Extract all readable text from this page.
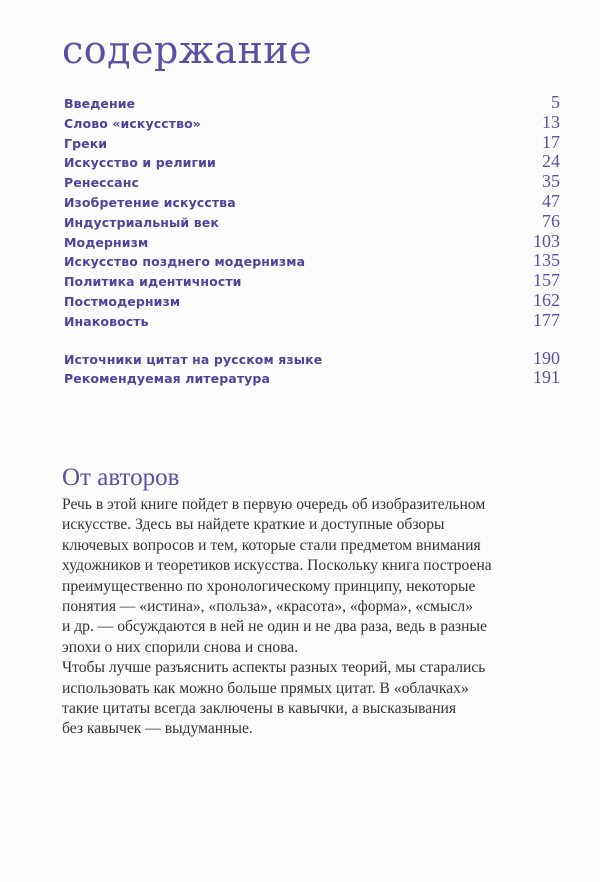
содержание
Введение	5
Слово «искусство»	13
Греки	17
Искусство и религии	24
Ренессанс	35
Изобретение искусства	47
Индустриальный век	76
Модернизм	103
Искусство позднего модернизма	135
Политика идентичности	157
Постмодернизм	162
Инаковость	177
Источники цитат на русском языке	190
Рекомендуемая литература	191
От авторов

Речь в этой книге пойдет в первую очередь об изобразительном
искусстве. Здесь вы найдете краткие и доступные обзоры
ключевых вопросов и тем, которые стали предметом внимания
художников и теоретиков искусства. Поскольку книга построена
преимущественно по хронологическому принципу, некоторые
понятия — «истина», «польза», «красота», «форма», «смысл»
и др. — обсуждаются в ней не один и не два раза, ведь в разные
эпохи о них спорили снова и снова.

Чтобы лучше разъяснить аспекты разных теорий, мы старались
использовать как можно больше прямых цитат. В «облачках»
такие цитаты всегда заключены в кавычки, а высказывания
без кавычек — выдуманные.
